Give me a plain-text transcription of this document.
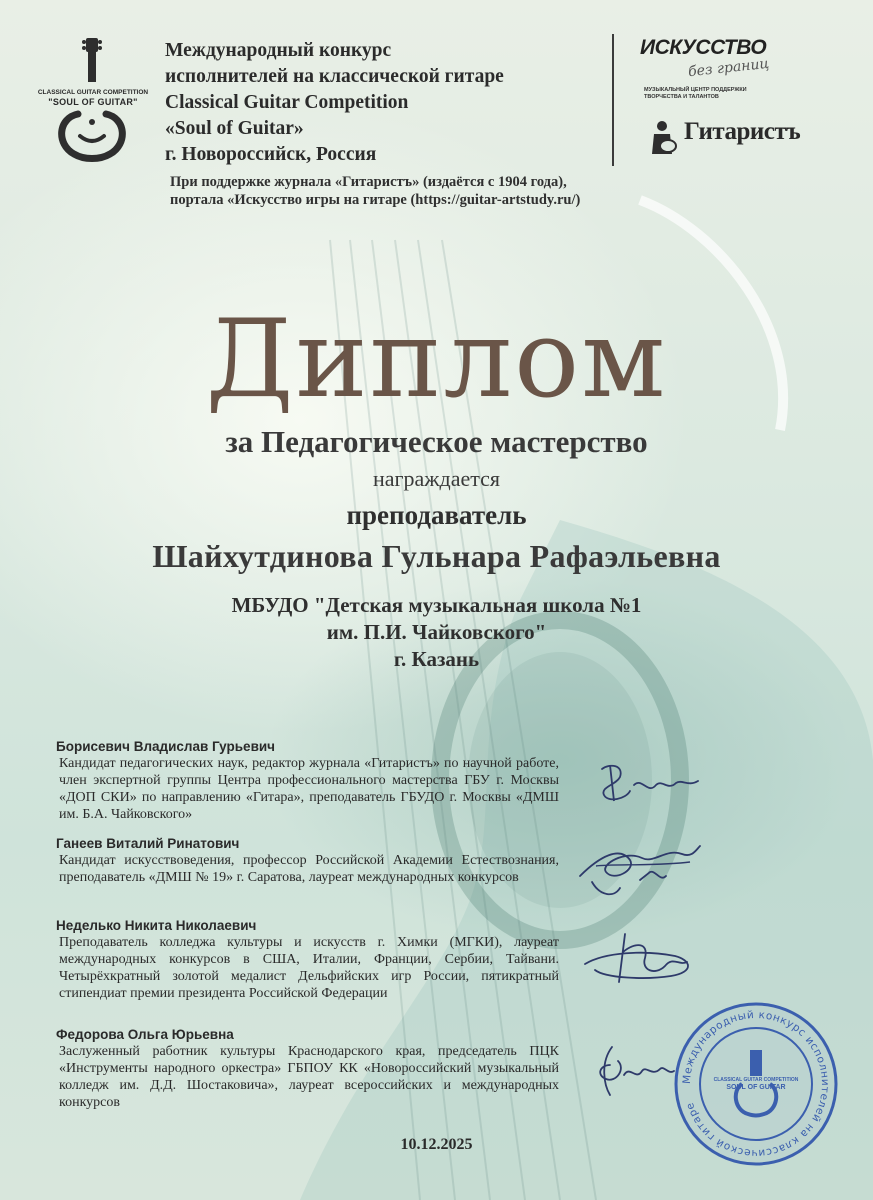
CLASSICAL GUITAR COMPETITION
"SOUL OF GUITAR"
Международный конкурс
исполнителей на классической гитаре
Classical Guitar Competition
«Soul of Guitar»
г. Новороссийск, Россия
При поддержке журнала «Гитаристъ» (издаётся с 1904 года),
портала «Искусство игры на гитаре (https://guitar-artstudy.ru/)
ИСКУССТВО
без границ
МУЗЫКАЛЬНЫЙ ЦЕНТР ПОДДЕРЖКИ
ТВОРЧЕСТВА И ТАЛАНТОВ
Гитаристъ
Диплом
за Педагогическое мастерство
награждается
преподаватель
Шайхутдинова Гульнара Рафаэльевна
МБУДО "Детская музыкальная школа №1
им. П.И. Чайковского"
г. Казань
Борисевич Владислав Гурьевич
Кандидат педагогических наук, редактор журнала «Гитаристъ» по научной работе, член экспертной группы Центра профессионального мастерства ГБУ г. Москвы «ДОП СКИ» по направлению «Гитара», преподаватель ГБУДО г. Москвы «ДМШ им. Б.А. Чайковского»
Ганеев Виталий Ринатович
Кандидат искусствоведения, профессор Российской Академии Естествознания, преподаватель «ДМШ № 19» г. Саратова, лауреат международных конкурсов
Неделько Никита Николаевич
Преподаватель колледжа культуры и искусств г. Химки (МГКИ), лауреат международных конкурсов в США, Италии, Франции, Сербии, Тайвани. Четырёхкратный золотой медалист Дельфийских игр России, пятикратный стипендиат премии президента Российской Федерации
Федорова Ольга Юрьевна
Заслуженный работник культуры Краснодарского края, председатель ПЦК «Инструменты народного оркестра» ГБПОУ КК «Новороссийский музыкальный колледж им. Д.Д. Шостаковича», лауреат всероссийских и международных конкурсов
Международный конкурс исполнителей на классической гитаре
CLASSICAL GUITAR COMPETITION
SOUL OF GUITAR
10.12.2025
